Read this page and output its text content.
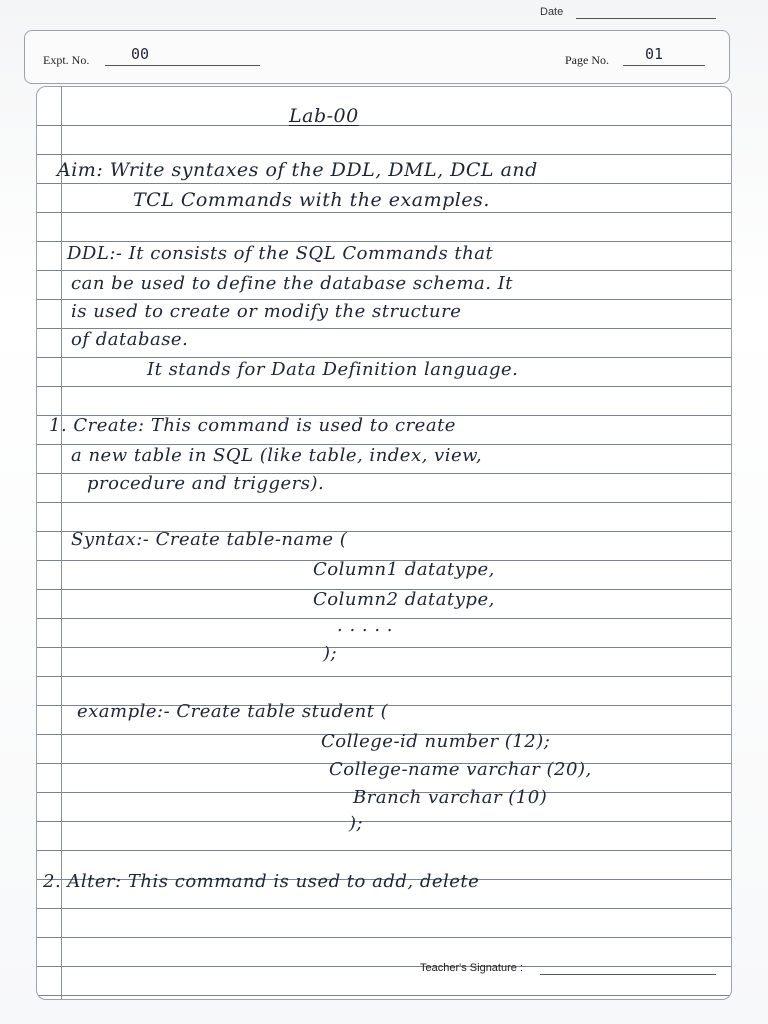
Date
Expt. No.	00	Page No. 01
Lab-00
Aim: Write syntaxes of the DDL, DML, DCL and
TCL Commands with the examples.
DDL:- It consists of the SQL Commands that
can be used to define the database schema. It
is used to create or modify the structure
of database.
It stands for Data Definition language.
1. Create: This command is used to create
a new table in SQL (like table, index, view,
procedure and triggers).
Syntax:- Create table-name (
Column1 datatype,
Column2 datatype,
. . . . .
);
example:- Create table student (
College-id number (12);
College-name varchar (20),
Branch varchar (10)
);
2. Alter: This command is used to add, delete
Teacher's Signature :
